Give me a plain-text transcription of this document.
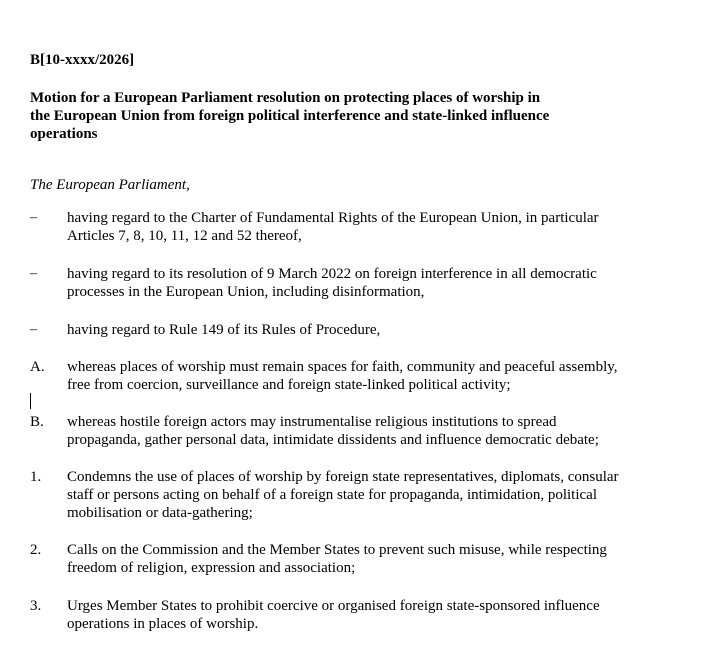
B[10-xxxx/2026]
Motion for a European Parliament resolution on protecting places of worship in
the European Union from foreign political interference and state-linked influence
operations
The European Parliament,
–	having regard to the Charter of Fundamental Rights of the European Union, in particular
Articles 7, 8, 10, 11, 12 and 52 thereof,
–	having regard to its resolution of 9 March 2022 on foreign interference in all democratic
processes in the European Union, including disinformation,
–	having regard to Rule 149 of its Rules of Procedure,
A.	whereas places of worship must remain spaces for faith, community and peaceful assembly,
free from coercion, surveillance and foreign state-linked political activity;
B.	whereas hostile foreign actors may instrumentalise religious institutions to spread
propaganda, gather personal data, intimidate dissidents and influence democratic debate;
1.	Condemns the use of places of worship by foreign state representatives, diplomats, consular
staff or persons acting on behalf of a foreign state for propaganda, intimidation, political
mobilisation or data-gathering;
2.	Calls on the Commission and the Member States to prevent such misuse, while respecting
freedom of religion, expression and association;
3.	Urges Member States to prohibit coercive or organised foreign state-sponsored influence
operations in places of worship.
